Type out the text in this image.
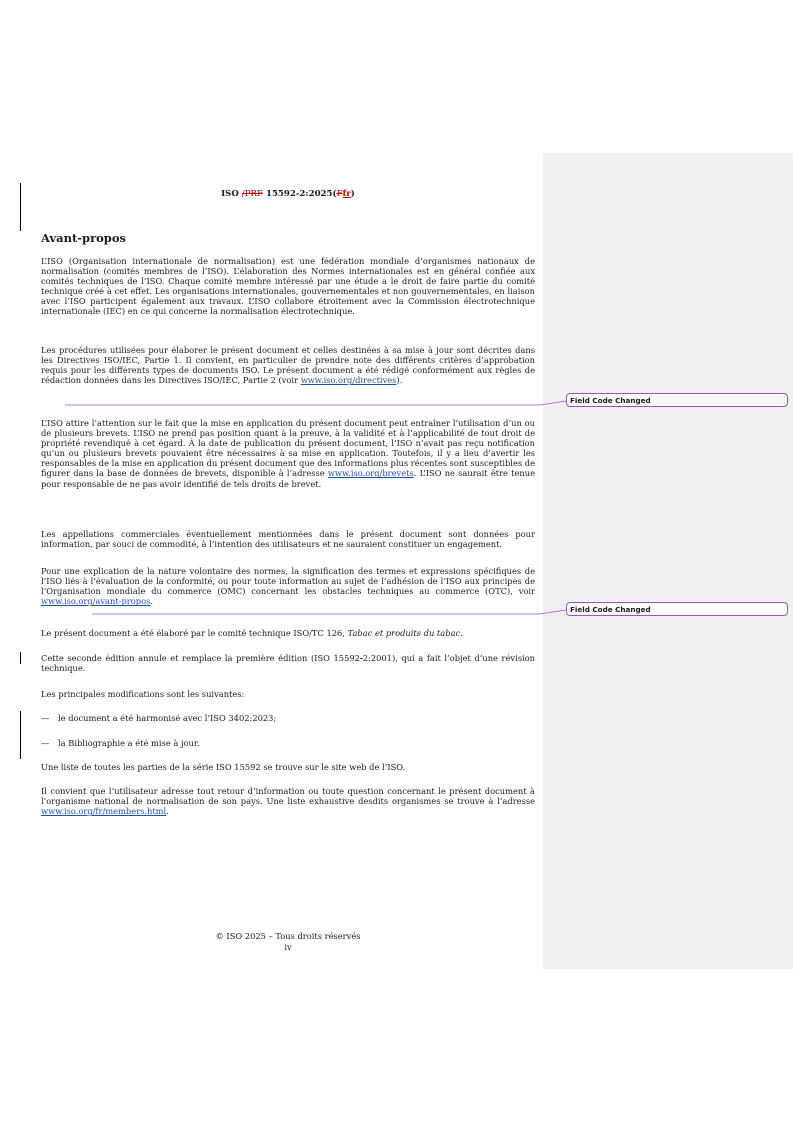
ISO /PRF 15592-2:2025(Ffr)
Avant-propos

L’ISO (Organisation internationale de normalisation) est une fédération mondiale d’organismes nationaux de normalisation (comités membres de l’ISO). L’élaboration des Normes internationales est en général confiée aux comités techniques de l’ISO. Chaque comité membre intéressé par une étude a le droit de faire partie du comité technique créé à cet effet. Les organisations internationales, gouvernementales et non gouvernementales, en liaison avec l’ISO participent également aux travaux. L’ISO collabore étroitement avec la Commission électrotechnique internationale (IEC) en ce qui concerne la normalisation électrotechnique.

Les procédures utilisées pour élaborer le présent document et celles destinées à sa mise à jour sont décrites dans les Directives ISO/IEC, Partie 1. Il convient, en particulier de prendre note des différents critères d’approbation requis pour les différents types de documents ISO. Le présent document a été rédigé conformément aux règles de rédaction données dans les Directives ISO/IEC, Partie 2 (voir www.iso.org/directives).

L’ISO attire l’attention sur le fait que la mise en application du présent document peut entraîner l’utilisation d’un ou de plusieurs brevets. L’ISO ne prend pas position quant à la preuve, à la validité et à l’applicabilité de tout droit de propriété revendiqué à cet égard. À la date de publication du présent document, l’ISO n’avait pas reçu notification qu’un ou plusieurs brevets pouvaient être nécessaires à sa mise en application. Toutefois, il y a lieu d’avertir les responsables de la mise en application du présent document que des informations plus récentes sont susceptibles de figurer dans la base de données de brevets, disponible à l’adresse www.iso.org/brevets. L’ISO ne saurait être tenue pour responsable de ne pas avoir identifié de tels droits de brevet.

Les appellations commerciales éventuellement mentionnées dans le présent document sont données pour information, par souci de commodité, à l’intention des utilisateurs et ne sauraient constituer un engagement.

Pour une explication de la nature volontaire des normes, la signification des termes et expressions spécifiques de l’ISO liés à l’évaluation de la conformité, ou pour toute information au sujet de l’adhésion de l’ISO aux principes de l’Organisation mondiale du commerce (OMC) concernant les obstacles techniques au commerce (OTC), voir www.iso.org/avant-propos.

Le présent document a été élaboré par le comité technique ISO/TC 126, Tabac et produits du tabac.

Cette seconde édition annule et remplace la première édition (ISO 15592-2:2001), qui a fait l’objet d’une révision technique.

Les principales modifications sont les suivantes:

— le document a été harmonisé avec l’ISO 3402:2023;

— la Bibliographie a été mise à jour.

Une liste de toutes les parties de la série ISO 15592 se trouve sur le site web de l’ISO.

Il convient que l’utilisateur adresse tout retour d’information ou toute question concernant le présent document à l’organisme national de normalisation de son pays. Une liste exhaustive desdits organismes se trouve à l’adresse www.iso.org/fr/members.html.

Field Code Changed
Field Code Changed
© ISO 2025 – Tous droits réservés
iv
